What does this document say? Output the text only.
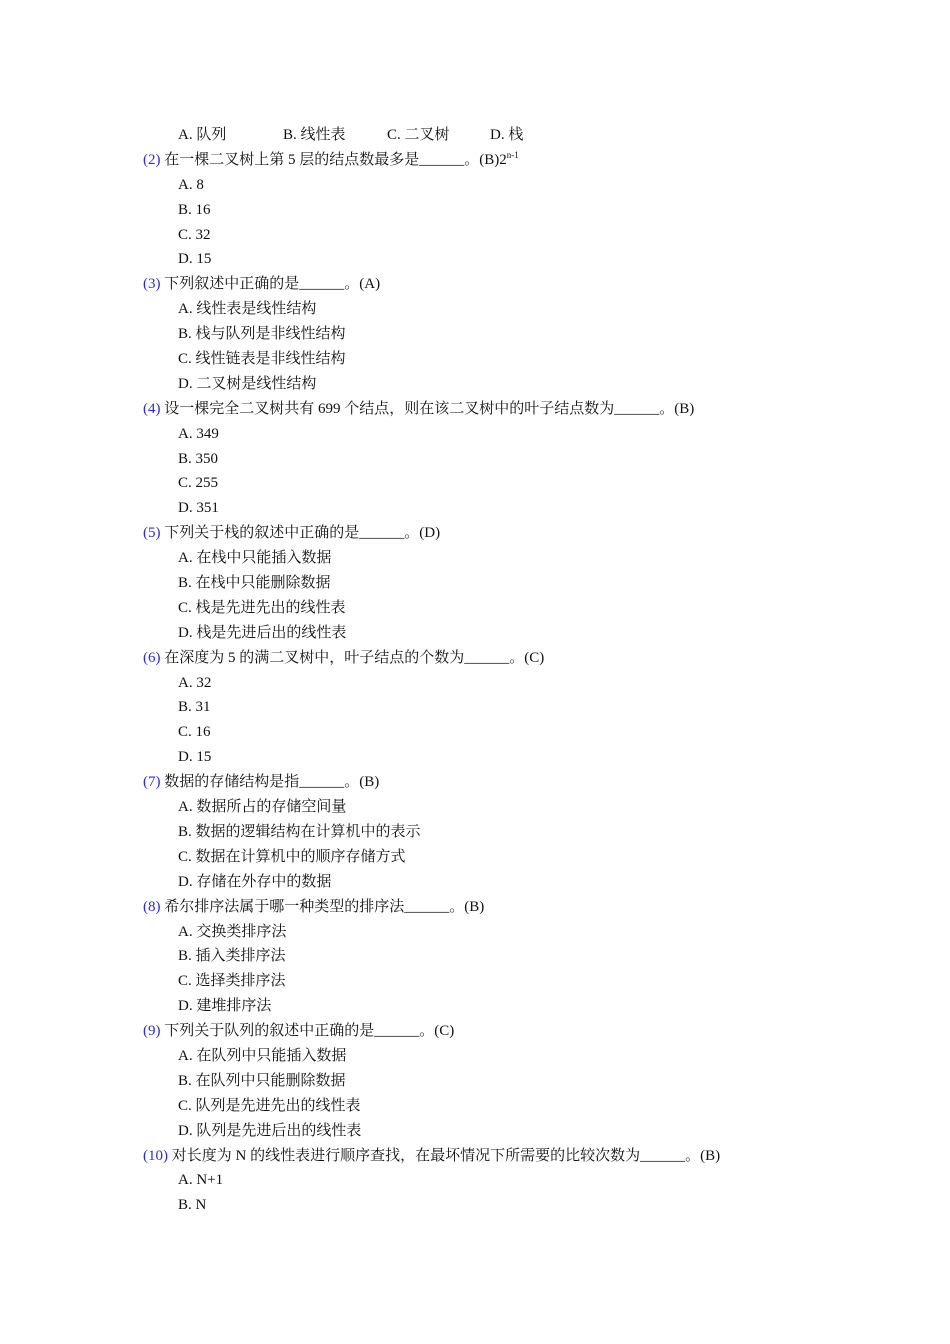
A. 队列	B. 线性表	C. 二叉树	D. 栈
(2) 在一棵二叉树上第 5 层的结点数最多是______。(B)2$^{n-1}$
A. 8
B. 16
C. 32
D. 15
(3) 下列叙述中正确的是______。(A)
A. 线性表是线性结构
B. 栈与队列是非线性结构
C. 线性链表是非线性结构
D. 二叉树是线性结构
(4) 设一棵完全二叉树共有 699 个结点，则在该二叉树中的叶子结点数为______。(B)
A. 349
B. 350
C. 255
D. 351
(5) 下列关于栈的叙述中正确的是______。(D)
A. 在栈中只能插入数据
B. 在栈中只能删除数据
C. 栈是先进先出的线性表
D. 栈是先进后出的线性表
(6) 在深度为 5 的满二叉树中，叶子结点的个数为______。(C)
A. 32
B. 31
C. 16
D. 15
(7) 数据的存储结构是指______。(B)
A. 数据所占的存储空间量
B. 数据的逻辑结构在计算机中的表示
C. 数据在计算机中的顺序存储方式
D. 存储在外存中的数据
(8) 希尔排序法属于哪一种类型的排序法______。(B)
A. 交换类排序法
B. 插入类排序法
C. 选择类排序法
D. 建堆排序法
(9) 下列关于队列的叙述中正确的是______。(C)
A. 在队列中只能插入数据
B. 在队列中只能删除数据
C. 队列是先进先出的线性表
D. 队列是先进后出的线性表
(10) 对长度为 N 的线性表进行顺序查找，在最坏情况下所需要的比较次数为______。(B)
A. N+1
B. N
